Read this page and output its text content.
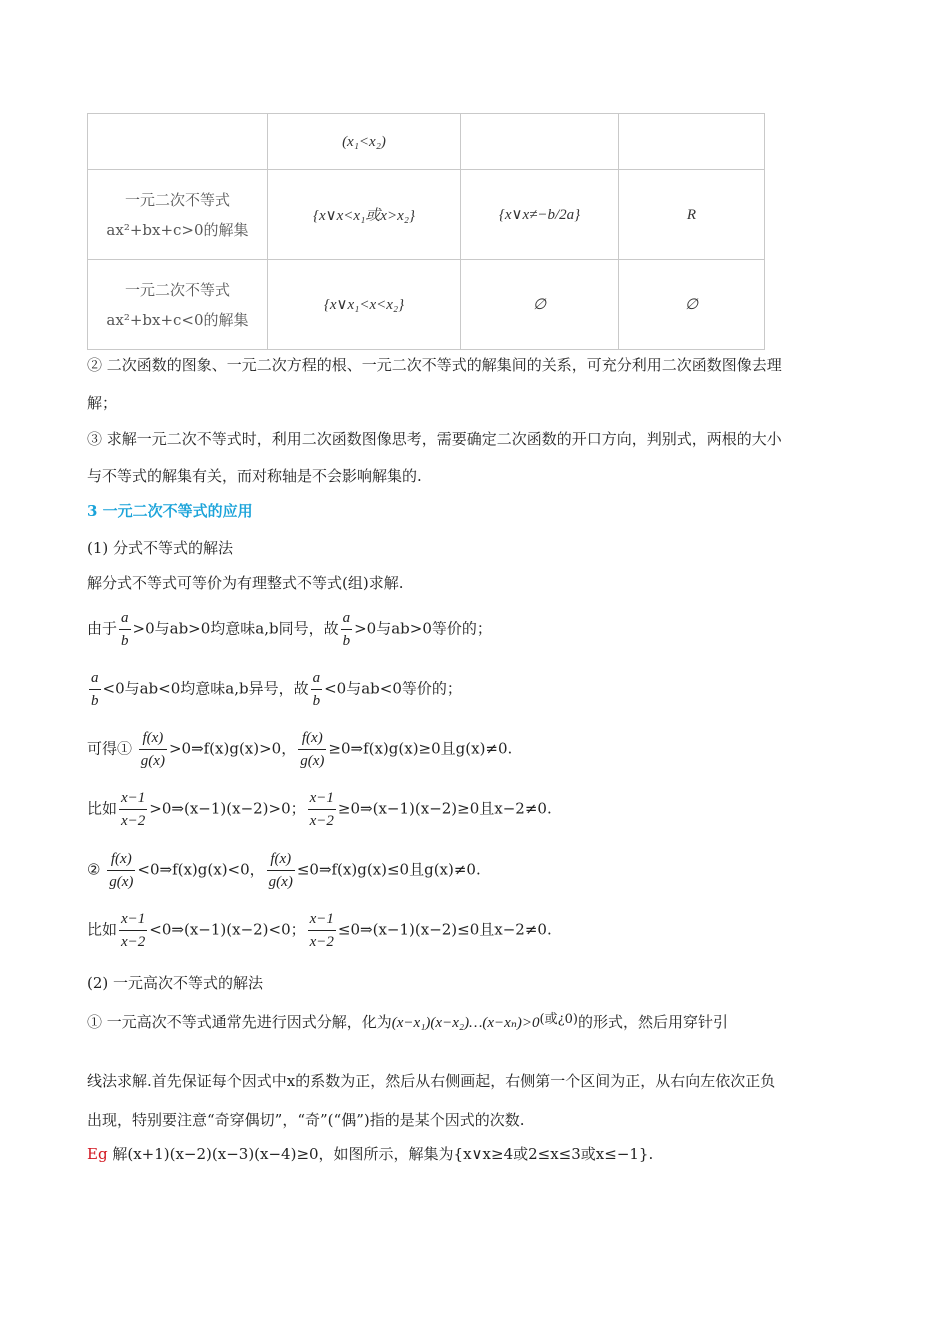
	(x₁<x₂)		

一元二次不等式
ax²+bx+c>0的解集	{x∨x<x₁或x>x₂}	{x∨x≠−b/2a}	R

一元二次不等式
ax²+bx+c<0的解集	{x∨x₁<x<x₂}	∅	∅
② 二次函数的图象、一元二次方程的根、一元二次不等式的解集间的关系，可充分利用二次函数图像去理
解；
③ 求解一元二次不等式时，利用二次函数图像思考，需要确定二次函数的开口方向，判别式，两根的大小
与不等式的解集有关，而对称轴是不会影响解集的.
3 一元二次不等式的应用
(1) 分式不等式的解法
解分式不等式可等价为有理整式不等式(组)求解.
由于 $\frac{a}{b} >0$与ab>0均意味a,b同号，故 $\frac{a}{b} >0$与ab>0等价的；
$\frac{a}{b} <0$与ab<0均意味a,b异号，故 $\frac{a}{b} <0$与ab<0等价的；
可得① $\frac{f(x)}{g(x)}$ >0⇒f(x)g(x)>0， $\frac{f(x)}{g(x)}$ ≥0⇒f(x)g(x)≥0且g(x)≠0.
比如 $\frac{x-1}{x-2}$ >0⇒(x−1)(x−2)>0； $\frac{x-1}{x-2}$ ≥0⇒(x−1)(x−2)≥0且x−2≠0.
② $\frac{f(x)}{g(x)}$ <0⇒f(x)g(x)<0， $\frac{f(x)}{g(x)}$ ≤0⇒f(x)g(x)≤0且g(x)≠0.
比如 $\frac{x-1}{x-2}$ <0⇒(x−1)(x−2)<0； $\frac{x-1}{x-2}$ ≤0⇒(x−1)(x−2)≤0且x−2≠0.
(2) 一元高次不等式的解法
① 一元高次不等式通常先进行因式分解，化为(x−x₁)(x−x₂)…(x−xₙ)>0(或¿0)的形式，然后用穿针引
线法求解.首先保证每个因式中x的系数为正，然后从右侧画起，右侧第一个区间为正，从右向左依次正负
出现，特别要注意“奇穿偶切”，“奇”(“偶”)指的是某个因式的次数.
Eg 解(x+1)(x−2)(x−3)(x−4)≥0，如图所示，解集为{x∨x≥4或2≤x≤3或x≤−1}.
